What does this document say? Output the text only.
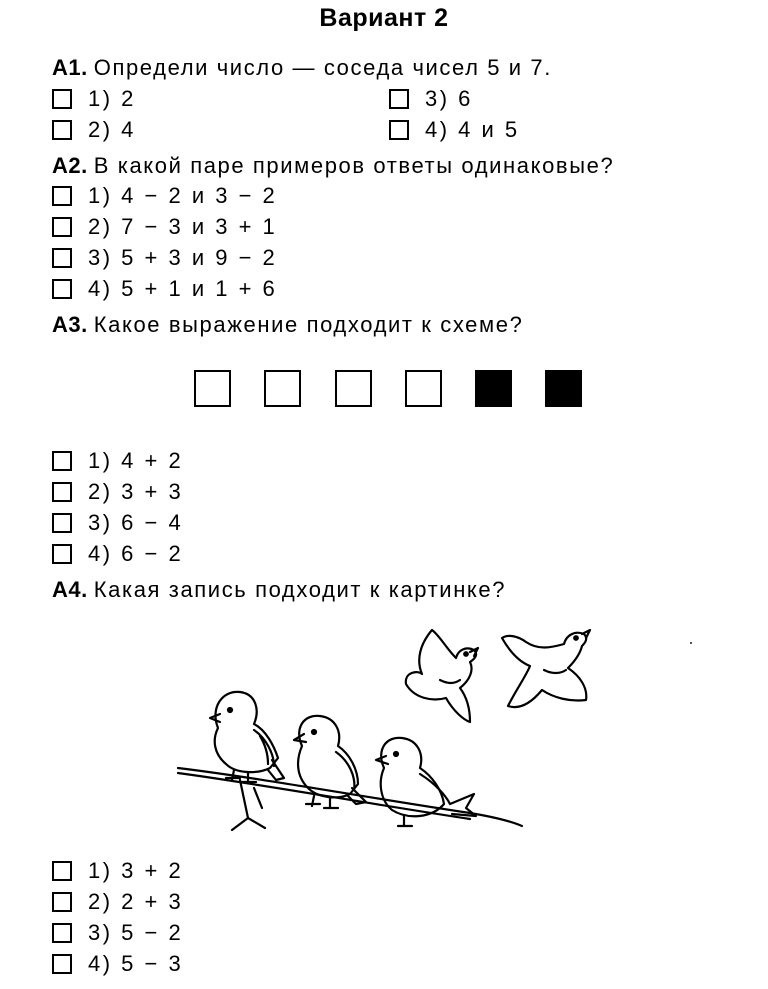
Вариант 2
А1. Определи число — соседа чисел 5 и 7.
1) 2
2) 4
3) 6
4) 4 и 5
А2. В какой паре примеров ответы одинаковые?
1) 4 − 2 и 3 − 2
2) 7 − 3 и 3 + 1
3) 5 + 3 и 9 − 2
4) 5 + 1 и 1 + 6
А3. Какое выражение подходит к схеме?
1) 4 + 2
2) 3 + 3
3) 6 − 4
4) 6 − 2
А4. Какая запись подходит к картинке?
1) 3 + 2
2) 2 + 3
3) 5 − 2
4) 5 − 3
